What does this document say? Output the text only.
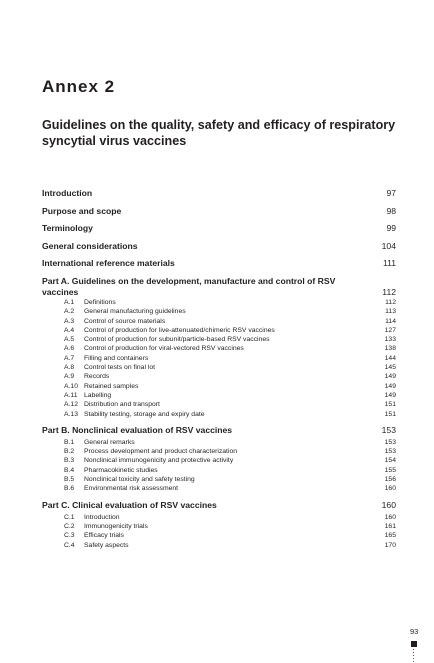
Annex 2
Guidelines on the quality, safety and efficacy of respiratory syncytial virus vaccines
Introduction	97
Purpose and scope	98
Terminology	99
General considerations	104
International reference materials	111
Part A. Guidelines on the development, manufacture and control of RSV vaccines	112
A.1 Definitions	112
A.2 General manufacturing guidelines	113
A.3 Control of source materials	114
A.4 Control of production for live-attenuated/chimeric RSV vaccines	127
A.5 Control of production for subunit/particle-based RSV vaccines	133
A.6 Control of production for viral-vectored RSV vaccines	138
A.7 Filling and containers	144
A.8 Control tests on final lot	145
A.9 Records	149
A.10 Retained samples	149
A.11 Labelling	149
A.12 Distribution and transport	151
A.13 Stability testing, storage and expiry date	151
Part B. Nonclinical evaluation of RSV vaccines	153
B.1 General remarks	153
B.2 Process development and product characterization	153
B.3 Nonclinical immunogenicity and protective activity	154
B.4 Pharmacokinetic studies	155
B.5 Nonclinical toxicity and safety testing	156
B.6 Environmental risk assessment	160
Part C. Clinical evaluation of RSV vaccines	160
C.1 Introduction	160
C.2 Immunogenicity trials	161
C.3 Efficacy trials	165
C.4 Safety aspects	170
93
